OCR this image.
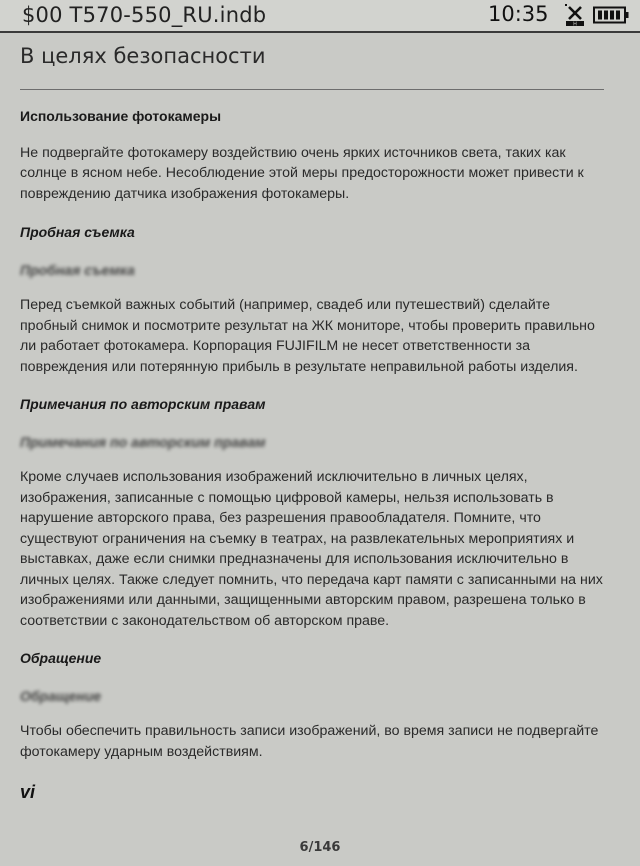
$00 T570-550_RU.indb	10:35	H
В целях безопасности
Использование фотокамеры

Не подвергайте фотокамеру воздействию очень ярких источников света, таких как солнце в ясном небе. Несоблюдение этой меры предосторожности может привести к повреждению датчика изображения фотокамеры.

Пробная съемка
Пробная съемка

Перед съемкой важных событий (например, свадеб или путешествий) сделайте пробный снимок и посмотрите результат на ЖК мониторе, чтобы проверить правильно ли работает фотокамера. Корпорация FUJIFILM не несет ответственности за повреждения или потерянную прибыль в результате неправильной работы изделия.

Примечания по авторским правам
Примечания по авторским правам

Кроме случаев использования изображений исключительно в личных целях, изображения, записанные с помощью цифровой камеры, нельзя использовать в нарушение авторского права, без разрешения правообладателя. Помните, что существуют ограничения на съемку в театрах, на развлекательных мероприятиях и выставках, даже если снимки предназначены для использования исключительно в личных целях. Также следует помнить, что передача карт памяти с записанными на них изображениями или данными, защищенными авторским правом, разрешена только в соответствии с законодательством об авторском праве.

Обращение
Обращение

Чтобы обеспечить правильность записи изображений, во время записи не подвергайте фотокамеру ударным воздействиям.

vi
6/146
